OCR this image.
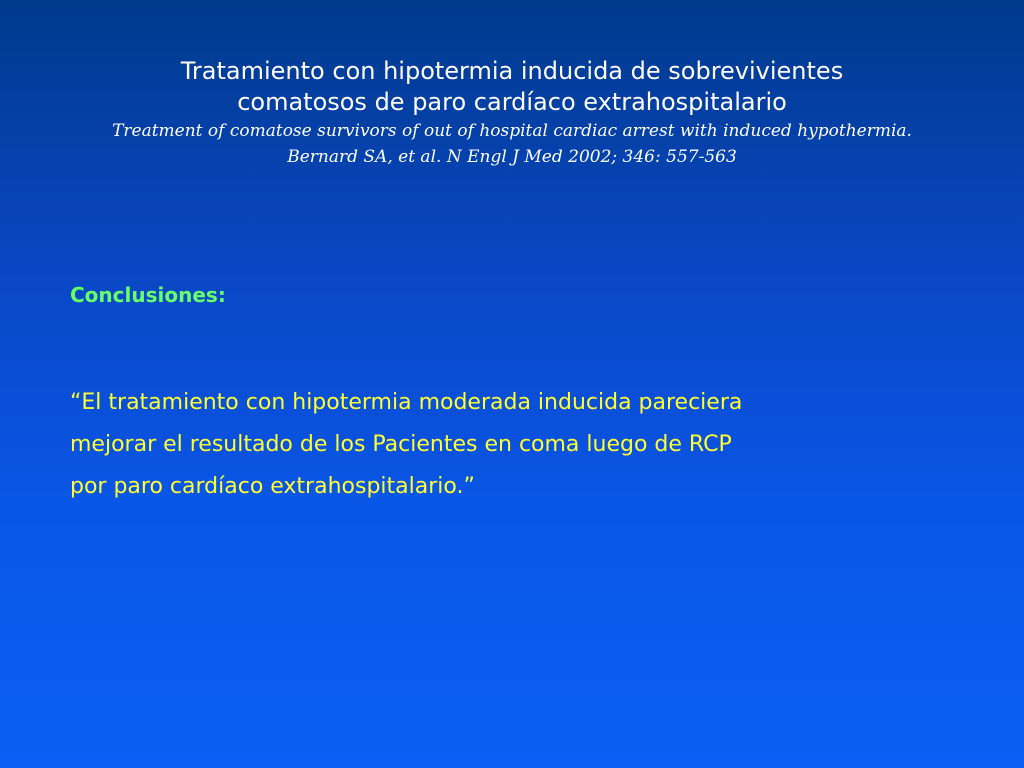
Tratamiento con hipotermia inducida de sobrevivientes
comatosos de paro cardíaco extrahospitalario
Treatment of comatose survivors of out of hospital cardiac arrest with induced hypothermia.
Bernard SA, et al. N Engl J Med 2002; 346: 557-563
Conclusiones:
“El tratamiento con hipotermia moderada inducida pareciera
mejorar el resultado de los Pacientes en coma luego de RCP
por paro cardíaco extrahospitalario.”
